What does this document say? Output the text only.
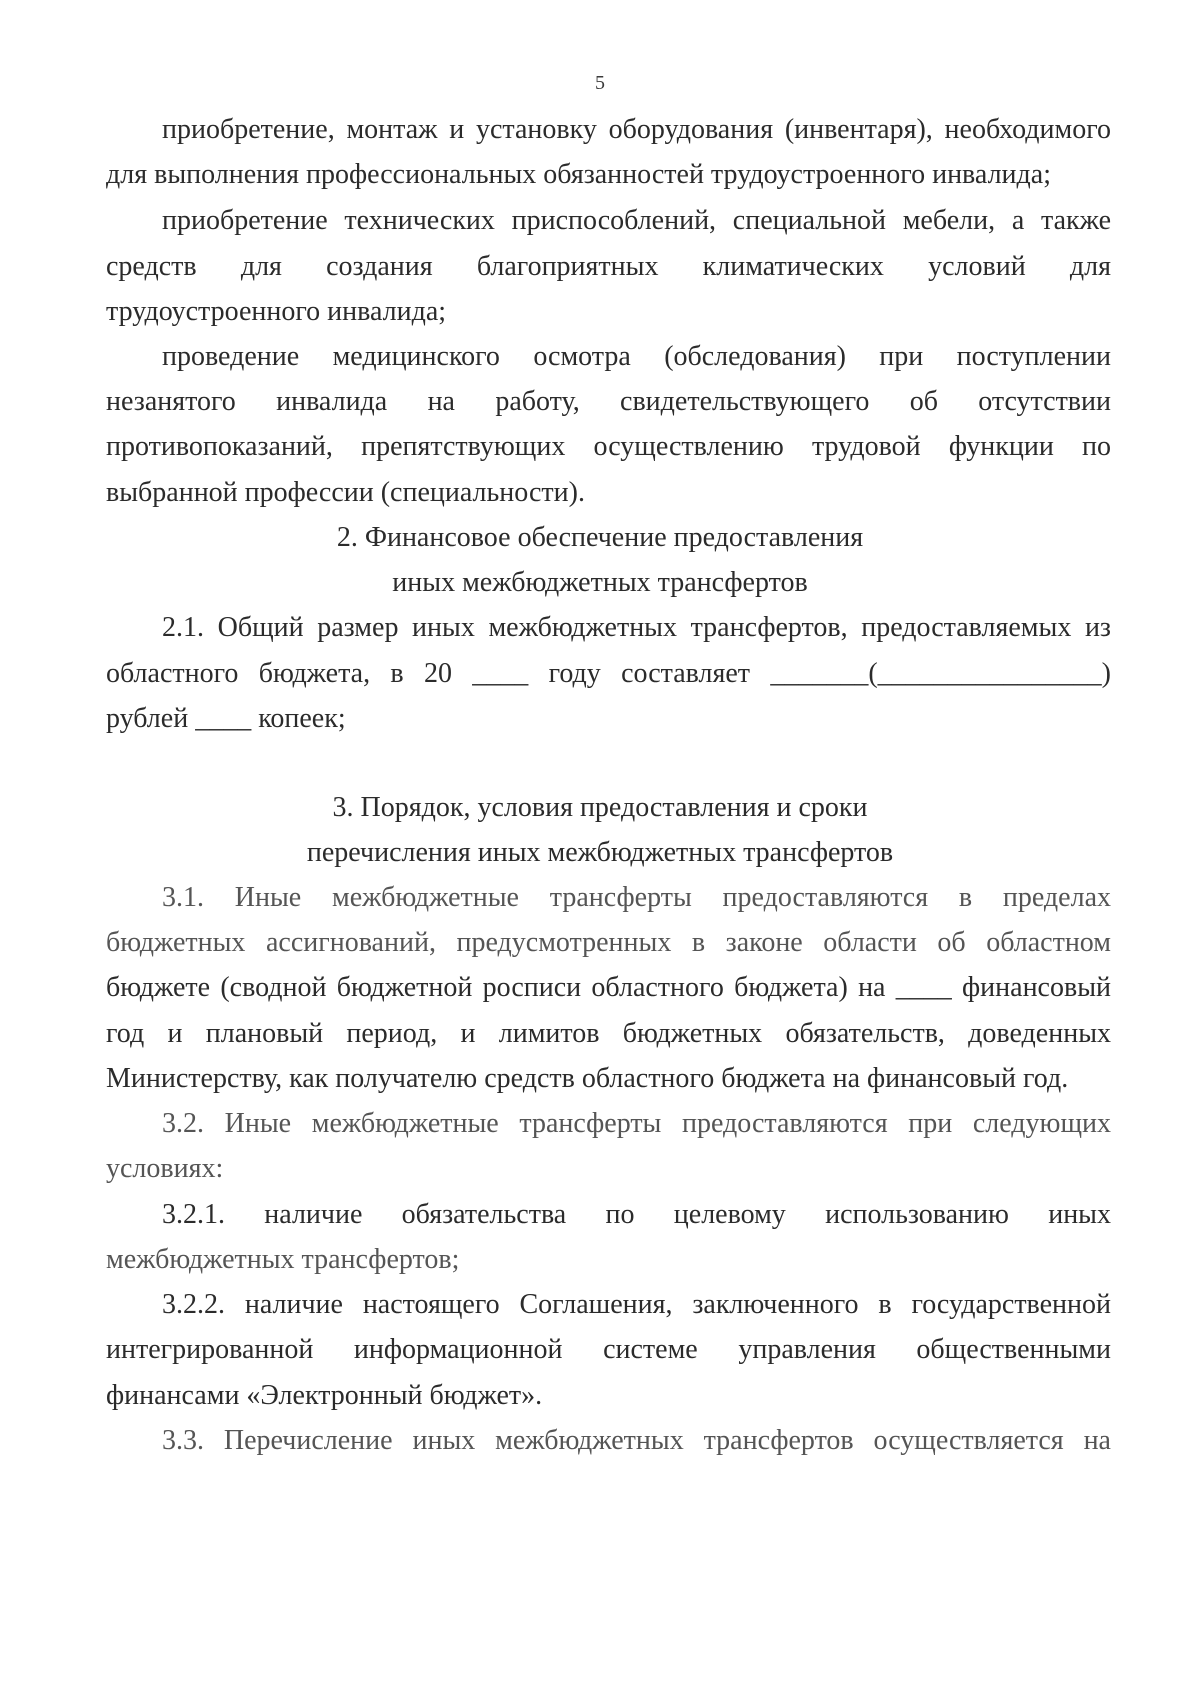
5
приобретение, монтаж и установку оборудования (инвентаря), необходимого
для выполнения профессиональных обязанностей трудоустроенного инвалида;
приобретение технических приспособлений, специальной мебели, а также
средств для создания благоприятных климатических условий для
трудоустроенного инвалида;
проведение медицинского осмотра (обследования) при поступлении
незанятого инвалида на работу, свидетельствующего об отсутствии
противопоказаний, препятствующих осуществлению трудовой функции по
выбранной профессии (специальности).
2. Финансовое обеспечение предоставления
иных межбюджетных трансфертов
2.1. Общий размер иных межбюджетных трансфертов, предоставляемых из
областного бюджета, в 20 ____ году составляет _______(________________)
рублей ____ копеек;
3. Порядок, условия предоставления и сроки
перечисления иных межбюджетных трансфертов
3.1. Иные межбюджетные трансферты предоставляются в пределах
бюджетных ассигнований, предусмотренных в законе области об областном
бюджете (сводной бюджетной росписи областного бюджета) на ____ финансовый
год и плановый период, и лимитов бюджетных обязательств, доведенных
Министерству, как получателю средств областного бюджета на финансовый год.
3.2. Иные межбюджетные трансферты предоставляются при следующих
условиях:
3.2.1. наличие обязательства по целевому использованию иных
межбюджетных трансфертов;
3.2.2. наличие настоящего Соглашения, заключенного в государственной
интегрированной информационной системе управления общественными
финансами «Электронный бюджет».
3.3. Перечисление иных межбюджетных трансфертов осуществляется на
